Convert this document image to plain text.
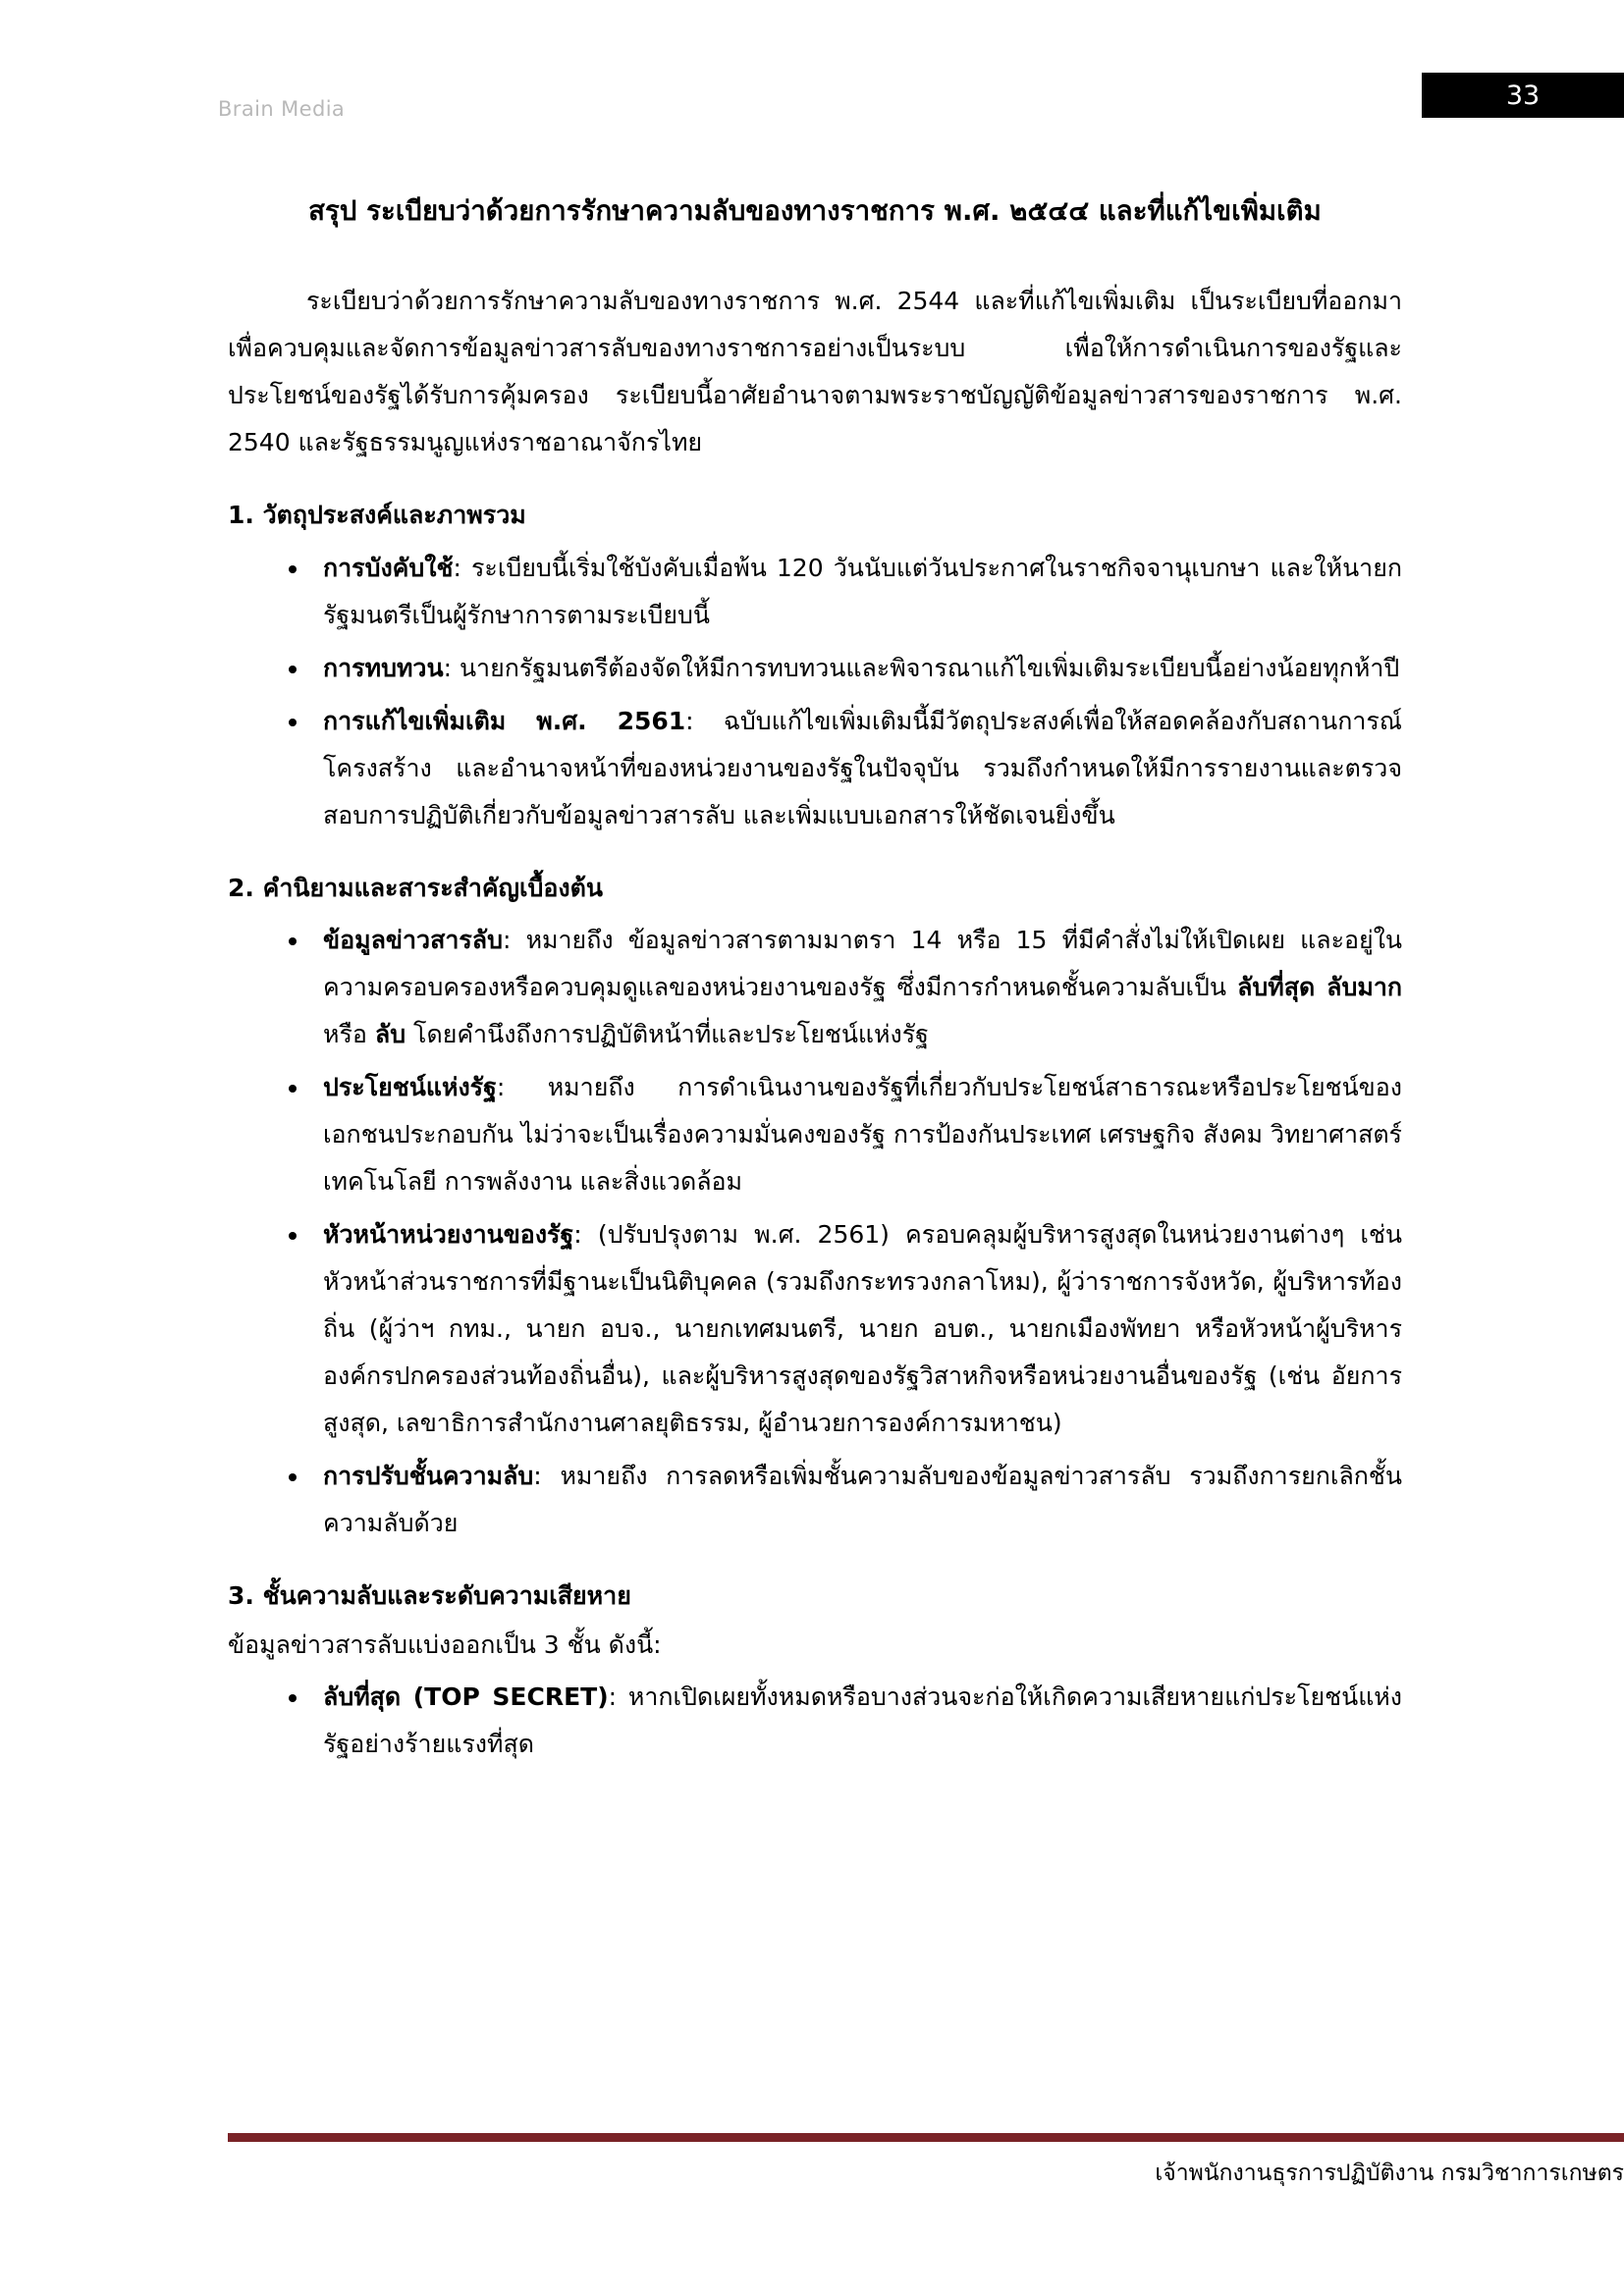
Brain Media	33
สรุป ระเบียบว่าด้วยการรักษาความลับของทางราชการ พ.ศ. ๒๕๔๔ และที่แก้ไขเพิ่มเติม

ระเบียบว่าด้วยการรักษาความลับของทางราชการ พ.ศ. 2544 และที่แก้ไขเพิ่มเติม เป็นระเบียบที่ออกมาเพื่อควบคุมและจัดการข้อมูลข่าวสารลับของทางราชการอย่างเป็นระบบ เพื่อให้การดำเนินการของรัฐและประโยชน์ของรัฐได้รับการคุ้มครอง ระเบียบนี้อาศัยอำนาจตามพระราชบัญญัติข้อมูลข่าวสารของราชการ พ.ศ. 2540 และรัฐธรรมนูญแห่งราชอาณาจักรไทย

1. วัตถุประสงค์และภาพรวม
การบังคับใช้: ระเบียบนี้เริ่มใช้บังคับเมื่อพ้น 120 วันนับแต่วันประกาศในราชกิจจานุเบกษา และให้นายกรัฐมนตรีเป็นผู้รักษาการตามระเบียบนี้
การทบทวน: นายกรัฐมนตรีต้องจัดให้มีการทบทวนและพิจารณาแก้ไขเพิ่มเติมระเบียบนี้อย่างน้อยทุกห้าปี
การแก้ไขเพิ่มเติม พ.ศ. 2561: ฉบับแก้ไขเพิ่มเติมนี้มีวัตถุประสงค์เพื่อให้สอดคล้องกับสถานการณ์ โครงสร้าง และอำนาจหน้าที่ของหน่วยงานของรัฐในปัจจุบัน รวมถึงกำหนดให้มีการรายงานและตรวจสอบการปฏิบัติเกี่ยวกับข้อมูลข่าวสารลับ และเพิ่มแบบเอกสารให้ชัดเจนยิ่งขึ้น
2. คำนิยามและสาระสำคัญเบื้องต้น
ข้อมูลข่าวสารลับ: หมายถึง ข้อมูลข่าวสารตามมาตรา 14 หรือ 15 ที่มีคำสั่งไม่ให้เปิดเผย และอยู่ในความครอบครองหรือควบคุมดูแลของหน่วยงานของรัฐ ซึ่งมีการกำหนดชั้นความลับเป็น ลับที่สุด ลับมาก หรือ ลับ โดยคำนึงถึงการปฏิบัติหน้าที่และประโยชน์แห่งรัฐ
ประโยชน์แห่งรัฐ: หมายถึง การดำเนินงานของรัฐที่เกี่ยวกับประโยชน์สาธารณะหรือประโยชน์ของเอกชนประกอบกัน ไม่ว่าจะเป็นเรื่องความมั่นคงของรัฐ การป้องกันประเทศ เศรษฐกิจ สังคม วิทยาศาสตร์ เทคโนโลยี การพลังงาน และสิ่งแวดล้อม
หัวหน้าหน่วยงานของรัฐ: (ปรับปรุงตาม พ.ศ. 2561) ครอบคลุมผู้บริหารสูงสุดในหน่วยงานต่างๆ เช่น หัวหน้าส่วนราชการที่มีฐานะเป็นนิติบุคคล (รวมถึงกระทรวงกลาโหม), ผู้ว่าราชการจังหวัด, ผู้บริหารท้องถิ่น (ผู้ว่าฯ กทม., นายก อบจ., นายกเทศมนตรี, นายก อบต., นายกเมืองพัทยา หรือหัวหน้าผู้บริหารองค์กรปกครองส่วนท้องถิ่นอื่น), และผู้บริหารสูงสุดของรัฐวิสาหกิจหรือหน่วยงานอื่นของรัฐ (เช่น อัยการสูงสุด, เลขาธิการสำนักงานศาลยุติธรรม, ผู้อำนวยการองค์การมหาชน)
การปรับชั้นความลับ: หมายถึง การลดหรือเพิ่มชั้นความลับของข้อมูลข่าวสารลับ รวมถึงการยกเลิกชั้นความลับด้วย
3. ชั้นความลับและระดับความเสียหาย
ข้อมูลข่าวสารลับแบ่งออกเป็น 3 ชั้น ดังนี้:
ลับที่สุด (TOP SECRET): หากเปิดเผยทั้งหมดหรือบางส่วนจะก่อให้เกิดความเสียหายแก่ประโยชน์แห่งรัฐอย่างร้ายแรงที่สุด
เจ้าพนักงานธุรการปฏิบัติงาน กรมวิชาการเกษตร
